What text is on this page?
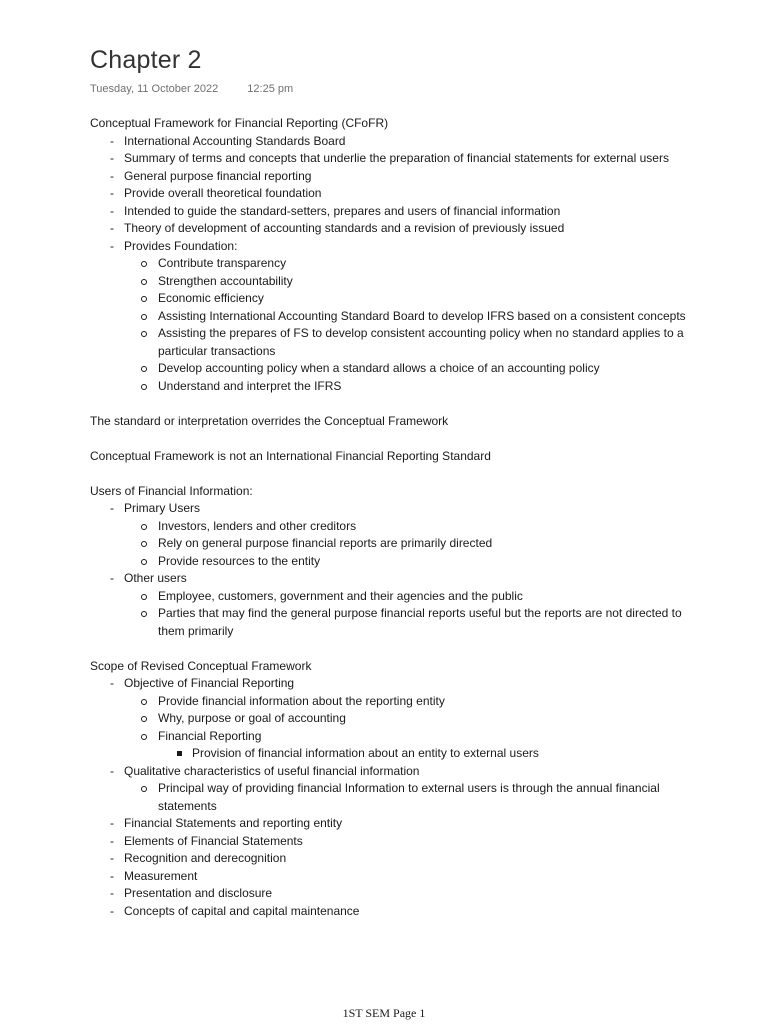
Chapter 2
Tuesday, 11 October 2022	12:25 pm

Conceptual Framework for Financial Reporting (CFoFR)

- International Accounting Standards Board
- Summary of terms and concepts that underlie the preparation of financial statements for external users
- General purpose financial reporting
- Provide overall theoretical foundation
- Intended to guide the standard-setters, prepares and users of financial information
- Theory of development of accounting standards and a revision of previously issued
- Provides Foundation:
Contribute transparency
Strengthen accountability
Economic efficiency
Assisting International Accounting Standard Board to develop IFRS based on a consistent concepts
Assisting the prepares of FS to develop consistent accounting policy when no standard applies to a particular transactions
Develop accounting policy when a standard allows a choice of an accounting policy
Understand and interpret the IFRS

The standard or interpretation overrides the Conceptual Framework

Conceptual Framework is not an International Financial Reporting Standard

Users of Financial Information:

- Primary Users
Investors, lenders and other creditors
Rely on general purpose financial reports are primarily directed
Provide resources to the entity
- Other users
Employee, customers, government and their agencies and the public
Parties that may find the general purpose financial reports useful but the reports are not directed to them primarily

Scope of Revised Conceptual Framework

- Objective of Financial Reporting
Provide financial information about the reporting entity
Why, purpose or goal of accounting
Financial Reporting
Provision of financial information about an entity to external users
- Qualitative characteristics of useful financial information
Principal way of providing financial Information to external users is through the annual financial statements
- Financial Statements and reporting entity
- Elements of Financial Statements
- Recognition and derecognition
- Measurement
- Presentation and disclosure
- Concepts of capital and capital maintenance
1ST SEM Page 1
